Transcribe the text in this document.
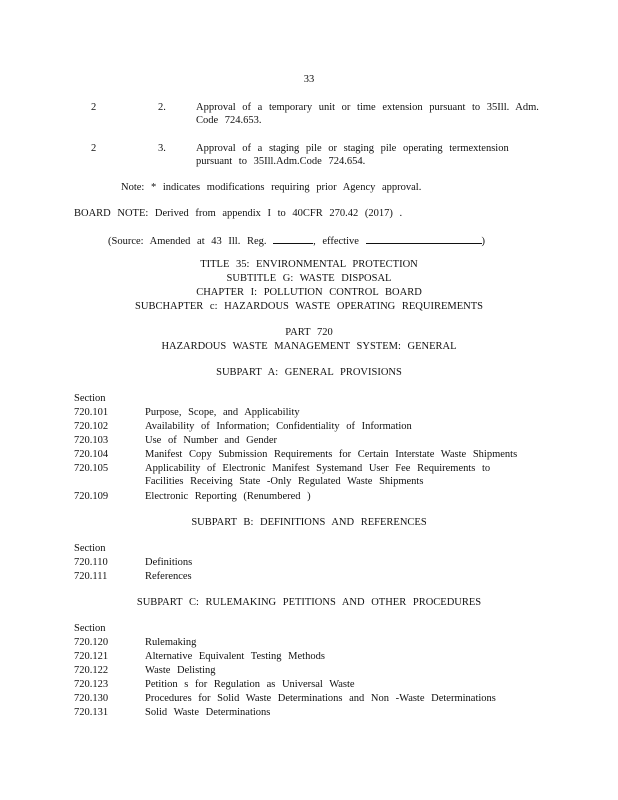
33
2	2.	Approval of a temporary unit or time extension pursuant to 35Ill. Adm.
Code 724.653.
2	3.	Approval of a staging pile or staging pile operating termextension
pursuant to 35Ill.Adm.Code 724.654.
Note: * indicates modifications requiring prior Agency approval.
BOARD NOTE: Derived from appendix I to 40CFR 270.42 (2017) .
(Source: Amended at 43 Ill. Reg.	, effective	)
TITLE 35: ENVIRONMENTAL PROTECTION
SUBTITLE G: WASTE DISPOSAL
CHAPTER I: POLLUTION CONTROL BOARD
SUBCHAPTER c: HAZARDOUS WASTE OPERATING REQUIREMENTS
PART 720
HAZARDOUS WASTE MANAGEMENT SYSTEM: GENERAL
SUBPART A: GENERAL PROVISIONS
Section
720.101	Purpose, Scope, and Applicability
720.102	Availability of Information; Confidentiality of Information
720.103	Use of Number and Gender
720.104	Manifest Copy Submission Requirements for Certain Interstate Waste Shipments
720.105	Applicability of Electronic Manifest Systemand User Fee Requirements to
Facilities Receiving State -Only Regulated Waste Shipments
720.109	Electronic Reporting (Renumbered )
SUBPART B: DEFINITIONS AND REFERENCES
Section
720.110	Definitions
720.111	References
SUBPART C: RULEMAKING PETITIONS AND OTHER PROCEDURES
Section
720.120	Rulemaking
720.121	Alternative Equivalent Testing Methods
720.122	Waste Delisting
720.123	Petition s for Regulation as Universal Waste
720.130	Procedures for Solid Waste Determinations and Non -Waste Determinations
720.131	Solid Waste Determinations
